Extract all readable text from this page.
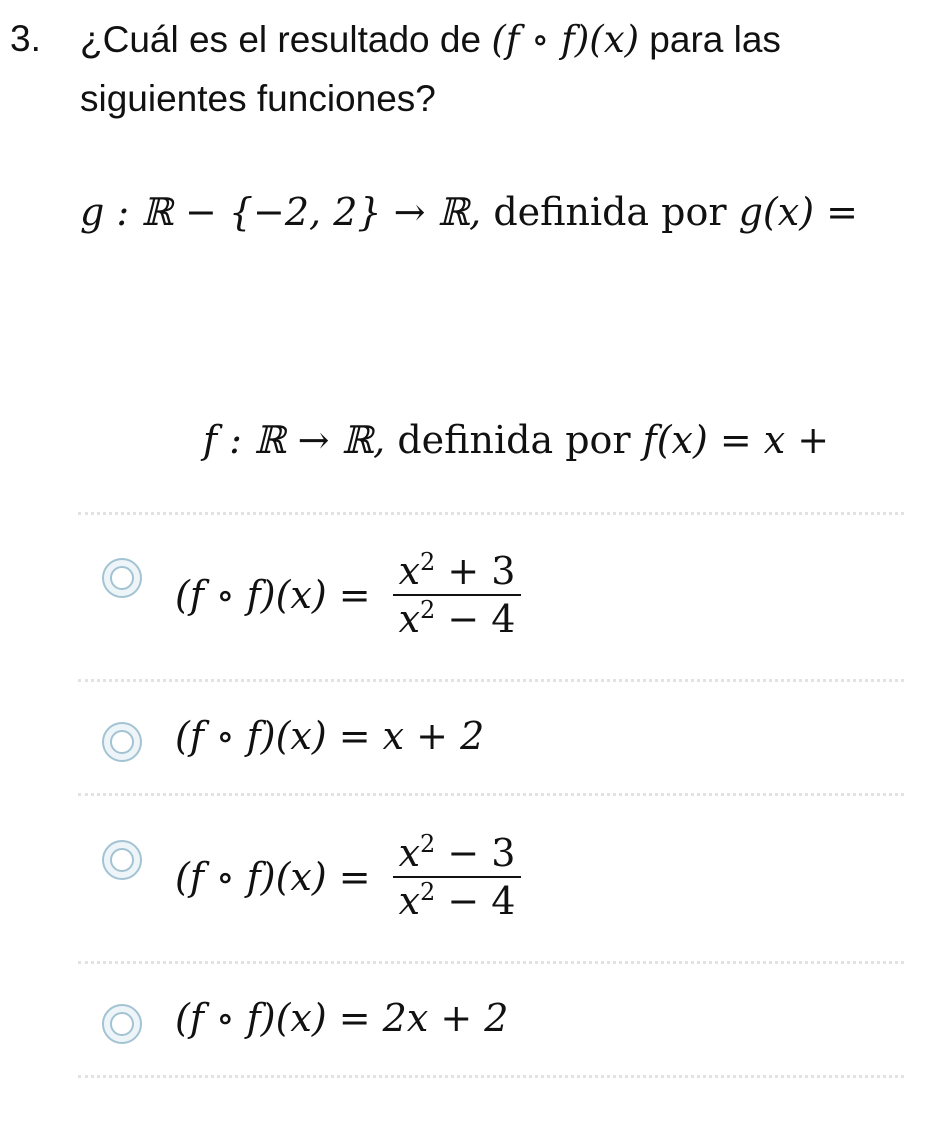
3. ¿Cuál es el resultado de (f ∘ f)(x) para las
siguientes funciones?
g : ℝ − {−2, 2} → ℝ, definida por g(x) =
f : ℝ → ℝ, definida por f(x) = x +
(f ∘ $f)(x) = \frac{x^2 + 3}{x^2 - 4}$
(f ∘ f)(x) = x + 2
(f ∘ $f)(x) = \frac{x^2 - 3}{x^2 - 4}$
(f ∘ f)(x) = 2x + 2
